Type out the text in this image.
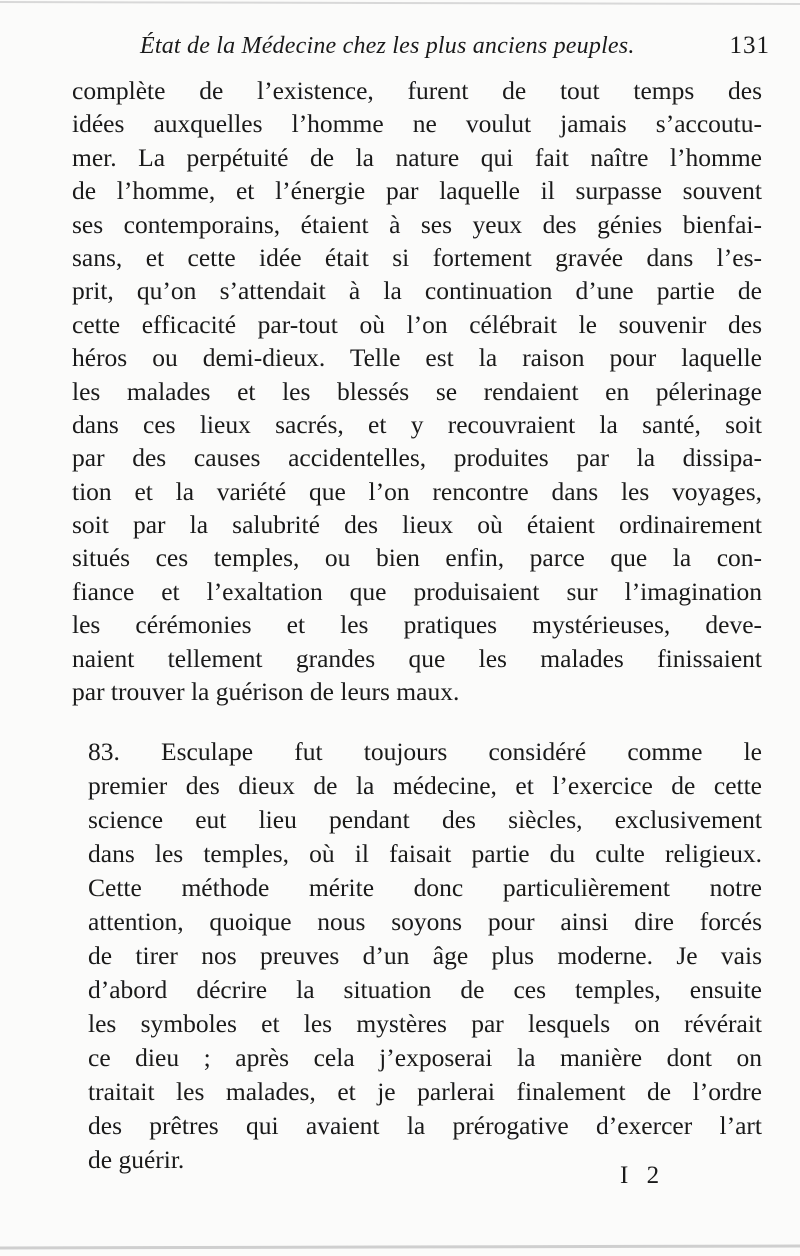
État de la Médecine chez les plus anciens peuples.	131
complète de l’existence, furent de tout temps des
idées auxquelles l’homme ne voulut jamais s’accoutu-
mer. La perpétuité de la nature qui fait naître l’homme
de l’homme, et l’énergie par laquelle il surpasse souvent
ses contemporains, étaient à ses yeux des génies bienfai-
sans, et cette idée était si fortement gravée dans l’es-
prit, qu’on s’attendait à la continuation d’une partie de
cette efficacité par-tout où l’on célébrait le souvenir des
héros ou demi-dieux. Telle est la raison pour laquelle
les malades et les blessés se rendaient en pélerinage
dans ces lieux sacrés, et y recouvraient la santé, soit
par des causes accidentelles, produites par la dissipa-
tion et la variété que l’on rencontre dans les voyages,
soit par la salubrité des lieux où étaient ordinairement
situés ces temples, ou bien enfin, parce que la con-
fiance et l’exaltation que produisaient sur l’imagination
les cérémonies et les pratiques mystérieuses, deve-
naient tellement grandes que les malades finissaient
par trouver la guérison de leurs maux.
83. Esculape fut toujours considéré comme le
premier des dieux de la médecine, et l’exercice de cette
science eut lieu pendant des siècles, exclusivement
dans les temples, où il faisait partie du culte religieux.
Cette méthode mérite donc particulièrement notre
attention, quoique nous soyons pour ainsi dire forcés
de tirer nos preuves d’un âge plus moderne. Je vais
d’abord décrire la situation de ces temples, ensuite
les symboles et les mystères par lesquels on révérait
ce dieu ; après cela j’exposerai la manière dont on
traitait les malades, et je parlerai finalement de l’ordre
des prêtres qui avaient la prérogative d’exercer l’art
de guérir.
I 2
